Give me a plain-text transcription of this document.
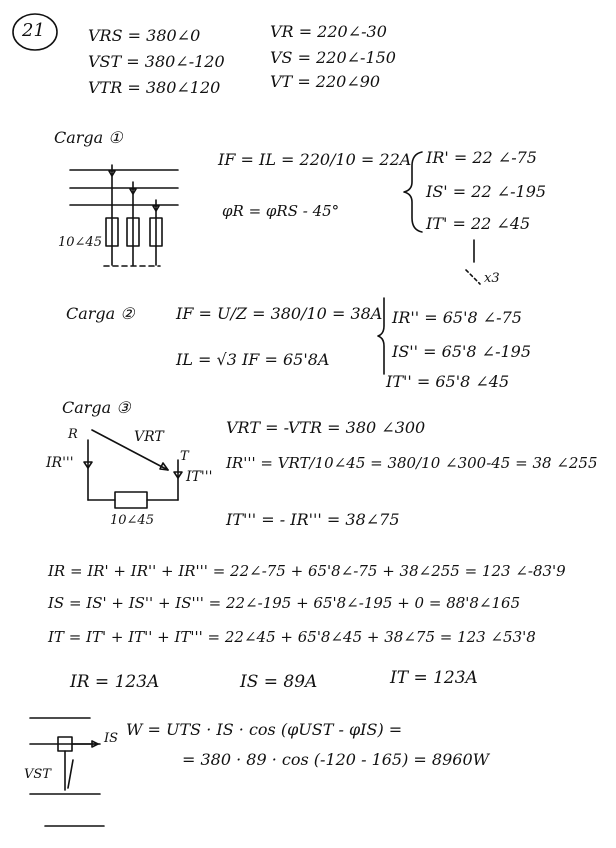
21	VRS = 380∠0
VST = 380∠-120
VTR = 380∠120
VR = 220∠-30
VS = 220∠-150
VT = 220∠90
Carga ①
10∠45
IF = IL = 220/10 = 22A
φR = φRS - 45°
IR' = 22 ∠-75
IS' = 22 ∠-195
IT' = 22 ∠45
x3
Carga ②	IF = U/Z = 380/10 = 38A
IL = √3 IF = 65'8A
IR'' = 65'8 ∠-75
IS'' = 65'8 ∠-195
IT'' = 65'8 ∠45
Carga ③
R
T
IR'''
IT'''
VRT
10∠45
VRT = -VTR = 380 ∠300
IR''' = VRT/10∠45 = 380/10 ∠300-45 = 38 ∠255
IT''' = - IR''' = 38∠75
IR = IR' + IR'' + IR''' = 22∠-75 + 65'8∠-75 + 38∠255 = 123 ∠-83'9
IS = IS' + IS'' + IS''' = 22∠-195 + 65'8∠-195 + 0 = 88'8∠165
IT = IT' + IT'' + IT''' = 22∠45 + 65'8∠45 + 38∠75 = 123 ∠53'8
IR = 123A	IS = 89A	IT = 123A
IS
VST
W = UTS · IS · cos (φUST - φIS) =
= 380 · 89 · cos (-120 - 165) = 8960W
